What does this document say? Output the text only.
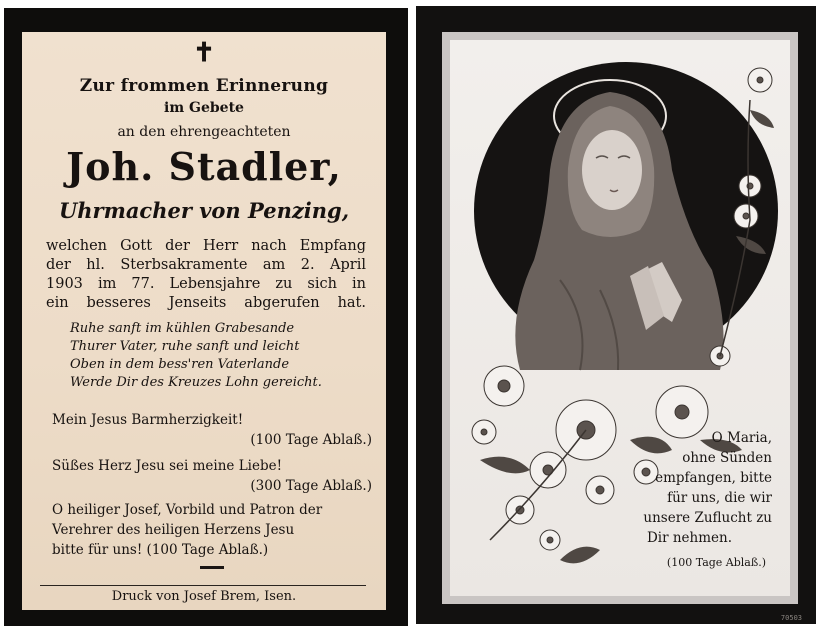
✝
Zur frommen Erinnerung
im Gebete
an den ehrengeachteten
Joh. Stadler,
Uhrmacher von Penzing,
welchen Gott der Herr nach Empfang
der hl. Sterbsakramente am 2. April
1903 im 77. Lebensjahre zu sich in
ein besseres Jenseits abgerufen hat.
Ruhe sanft im kühlen Grabesande
Thurer Vater, ruhe sanft und leicht
Oben in dem bess'ren Vaterlande
Werde Dir des Kreuzes Lohn gereicht.
Mein Jesus Barmherzigkeit!
(100 Tage Ablaß.)
Süßes Herz Jesu sei meine Liebe!
(300 Tage Ablaß.)
O heiliger Josef, Vorbild und Patron der
Verehrer des heiligen Herzens Jesu
bitte für uns! (100 Tage Ablaß.)
Druck von Josef Brem, Isen.
O Maria,
ohne Sünden
empfangen, bitte
für uns, die wir
unsere Zuflucht zu
Dir nehmen.
(100 Tage Ablaß.)
70503
